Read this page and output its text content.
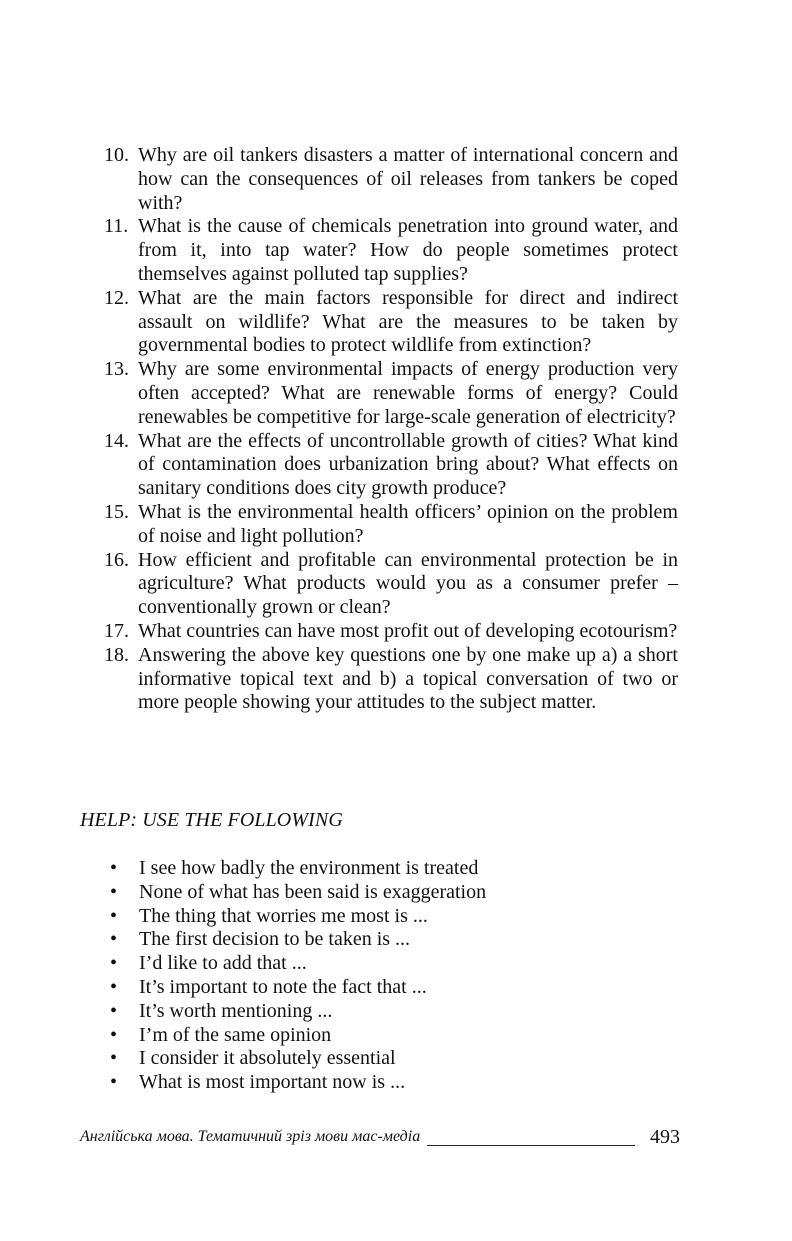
10. Why are oil tankers disasters a matter of international concern and how can the consequences of oil releases from tankers be coped with?
11. What is the cause of chemicals penetration into ground water, and from it, into tap water? How do people sometimes protect themselves against polluted tap supplies?
12. What are the main factors responsible for direct and indirect assault on wildlife? What are the measures to be taken by governmental bodies to protect wildlife from extinction?
13. Why are some environmental impacts of energy production very often accepted? What are renewable forms of energy? Could renewables be competitive for large-scale generation of electricity?
14. What are the effects of uncontrollable growth of cities? What kind of contamination does urbanization bring about? What effects on sanitary conditions does city growth produce?
15. What is the environmental health officers’ opinion on the problem of noise and light pollution?
16. How efficient and profitable can environmental protection be in agriculture? What products would you as a consumer prefer – conventionally grown or clean?
17. What countries can have most profit out of developing ecotourism?
18. Answering the above key questions one by one make up a) a short informative topical text and b) a topical conversation of two or more people showing your attitudes to the subject matter.
HELP: USE THE FOLLOWING
•	I see how badly the environment is treated
•	None of what has been said is exaggeration
•	The thing that worries me most is ...
•	The first decision to be taken is ...
•	I’d like to add that ...
•	It’s important to note the fact that ...
•	It’s worth mentioning ...
•	I’m of the same opinion
•	I consider it absolutely essential
•	What is most important now is ...
Англійська мова. Тематичний зріз мови мас-медіа	493
